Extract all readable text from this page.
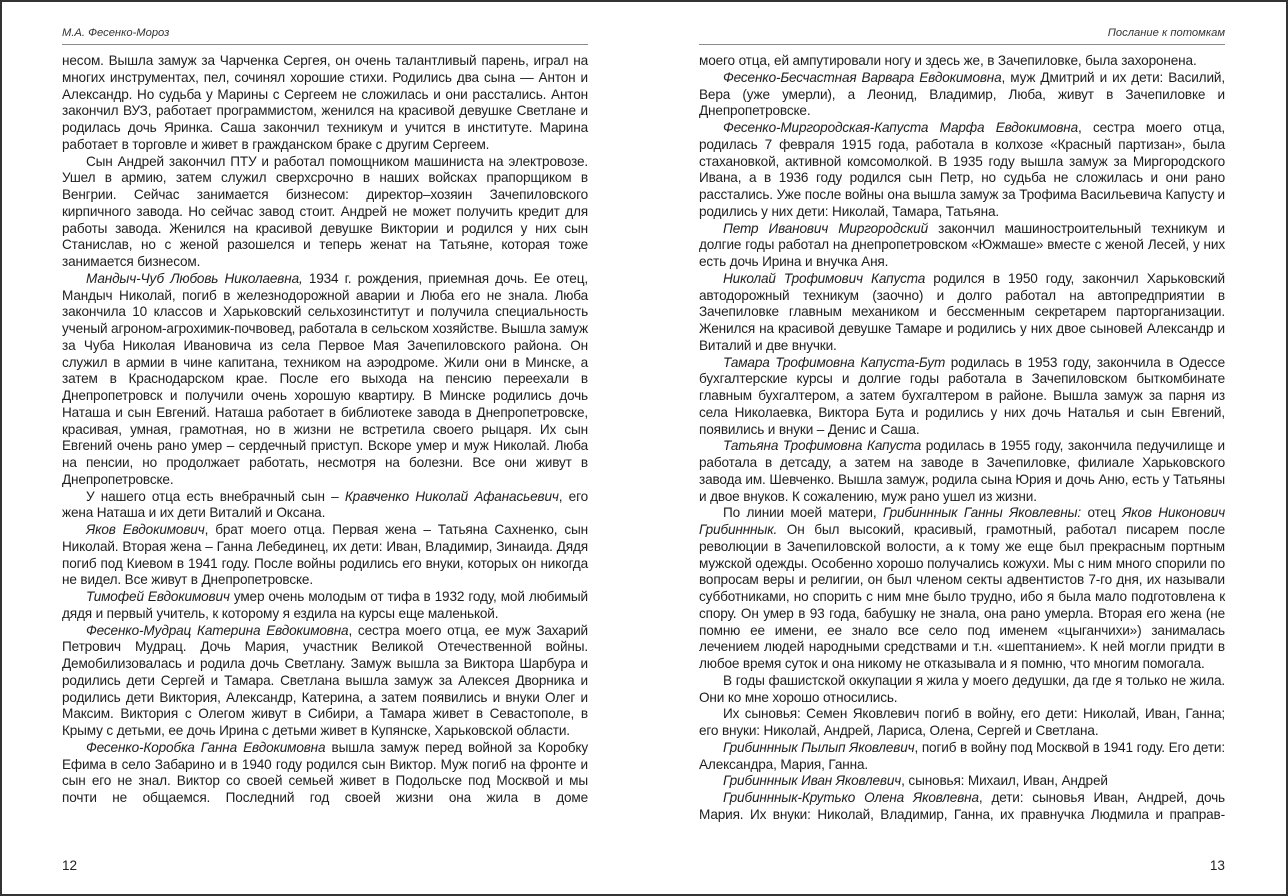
М.А. Фесенко-Мороз

несом. Вышла замуж за Чарченка Сергея, он очень талантливый парень, играл на многих инструментах, пел, сочинял хорошие стихи. Родились два сына — Антон и Александр. Но судьба у Марины с Сергеем не сложилась и они расстались. Антон закончил ВУЗ, работает программистом, женился на красивой девушке Светлане и родилась дочь Яринка. Саша закончил техникум и учится в институте. Марина работает в торговле и живет в гражданском браке с другим Сергеем.

Сын Андрей закончил ПТУ и работал помощником машиниста на электровозе. Ушел в армию, затем служил сверхсрочно в наших войсках прапорщиком в Венгрии. Сейчас занимается бизнесом: директор–хозяин Зачепиловского кирпичного завода. Но сейчас завод стоит. Андрей не может получить кредит для работы завода. Женился на красивой девушке Виктории и родился у них сын Станислав, но с женой разошелся и теперь женат на Татьяне, которая тоже занимается бизнесом.

Мандыч-Чуб Любовь Николаевна, 1934 г. рождения, приемная дочь. Ее отец, Мандыч Николай, погиб в железнодорожной аварии и Люба его не знала. Люба закончила 10 классов и Харьковский сельхозинститут и получила специальность ученый агроном-агрохимик-почвовед, работала в сельском хозяйстве. Вышла замуж за Чуба Николая Ивановича из села Первое Мая Зачепиловского района. Он служил в армии в чине капитана, техником на аэродроме. Жили они в Минске, а затем в Краснодарском крае. После его выхода на пенсию переехали в Днепропетровск и получили очень хорошую квартиру. В Минске родились дочь Наташа и сын Евгений. Наташа работает в библиотеке завода в Днепропетровске, красивая, умная, грамотная, но в жизни не встретила своего рыцаря. Их сын Евгений очень рано умер – сердечный приступ. Вскоре умер и муж Николай. Люба на пенсии, но продолжает работать, несмотря на болезни. Все они живут в Днепропетровске.

У нашего отца есть внебрачный сын – Кравченко Николай Афанасьевич, его жена Наташа и их дети Виталий и Оксана.

Яков Евдокимович, брат моего отца. Первая жена – Татьяна Сахненко, сын Николай. Вторая жена – Ганна Лебединец, их дети: Иван, Владимир, Зинаида. Дядя погиб под Киевом в 1941 году. После войны родились его внуки, которых он никогда не видел. Все живут в Днепропетровске.

Тимофей Евдокимович умер очень молодым от тифа в 1932 году, мой любимый дядя и первый учитель, к которому я ездила на курсы еще маленькой.

Фесенко-Мудрац Катерина Евдокимовна, сестра моего отца, ее муж Захарий Петрович Мудрац. Дочь Мария, участник Великой Отечественной войны. Демобилизовалась и родила дочь Светлану. Замуж вышла за Виктора Шарбура и родились дети Сергей и Тамара. Светлана вышла замуж за Алексея Дворника и родились дети Виктория, Александр, Катерина, а затем появились и внуки Олег и Максим. Виктория с Олегом живут в Сибири, а Тамара живет в Севастополе, в Крыму с детьми, ее дочь Ирина с детьми живет в Купянске, Харьковской области.

Фесенко-Коробка Ганна Евдокимовна вышла замуж перед войной за Коробку Ефима в село Забарино и в 1940 году родился сын Виктор. Муж погиб на фронте и сын его не знал. Виктор со своей семьей живет в Подольске под Москвой и мы почти не общаемся. Последний год своей жизни она жила в доме

12
Послание к потомкам

моего отца, ей ампутировали ногу и здесь же, в Зачепиловке, была захоронена.

Фесенко-Бесчастная Варвара Евдокимовна, муж Дмитрий и их дети: Василий, Вера (уже умерли), а Леонид, Владимир, Люба, живут в Зачепиловке и Днепропетровске.

Фесенко-Миргородская-Капуста Марфа Евдокимовна, сестра моего отца, родилась 7 февраля 1915 года, работала в колхозе «Красный партизан», была стахановкой, активной комсомолкой. В 1935 году вышла замуж за Миргородского Ивана, а в 1936 году родился сын Петр, но судьба не сложилась и они рано расстались. Уже после войны она вышла замуж за Трофима Васильевича Капусту и родились у них дети: Николай, Тамара, Татьяна.

Петр Иванович Миргородский закончил машиностроительный техникум и долгие годы работал на днепропетровском «Южмаше» вместе с женой Лесей, у них есть дочь Ирина и внучка Аня.

Николай Трофимович Капуста родился в 1950 году, закончил Харьковский автодорожный техникум (заочно) и долго работал на автопредприятии в Зачепиловке главным механиком и бессменным секретарем парторганизации. Женился на красивой девушке Тамаре и родились у них двое сыновей Александр и Виталий и две внучки.

Тамара Трофимовна Капуста-Бут родилась в 1953 году, закончила в Одессе бухгалтерские курсы и долгие годы работала в Зачепиловском быткомбинате главным бухгалтером, а затем бухгалтером в районе. Вышла замуж за парня из села Николаевка, Виктора Бута и родились у них дочь Наталья и сын Евгений, появились и внуки – Денис и Саша.

Татьяна Трофимовна Капуста родилась в 1955 году, закончила педучилище и работала в детсаду, а затем на заводе в Зачепиловке, филиале Харьковского завода им. Шевченко. Вышла замуж, родила сына Юрия и дочь Аню, есть у Татьяны и двое внуков. К сожалению, муж рано ушел из жизни.

По линии моей матери, Грибинннык Ганны Яковлевны: отец Яков Никонович Грибинннык. Он был высокий, красивый, грамотный, работал писарем после революции в Зачепиловской волости, а к тому же еще был прекрасным портным мужской одежды. Особенно хорошо получались кожухи. Мы с ним много спорили по вопросам веры и религии, он был членом секты адвентистов 7-го дня, их называли субботниками, но спорить с ним мне было трудно, ибо я была мало подготовлена к спору. Он умер в 93 года, бабушку не знала, она рано умерла. Вторая его жена (не помню ее имени, ее знало все село под именем «цыганчихи») занималась лечением людей народными средствами и т.н. «шептанием». К ней могли придти в любое время суток и она никому не отказывала и я помню, что многим помогала.

В годы фашистской оккупации я жила у моего дедушки, да где я только не жила. Они ко мне хорошо относились.

Их сыновья: Семен Яковлевич погиб в войну, его дети: Николай, Иван, Ганна; его внуки: Николай, Андрей, Лариса, Олена, Сергей и Светлана.

Грибинннык Пылып Яковлевич, погиб в войну под Москвой в 1941 году. Его дети: Александра, Мария, Ганна.

Грибинннык Иван Яковлевич, сыновья: Михаил, Иван, Андрей

Грибинннык-Крутько Олена Яковлевна, дети: сыновья Иван, Андрей, дочь Мария. Их внуки: Николай, Владимир, Ганна, их правнучка Людмила и праправ-

13
